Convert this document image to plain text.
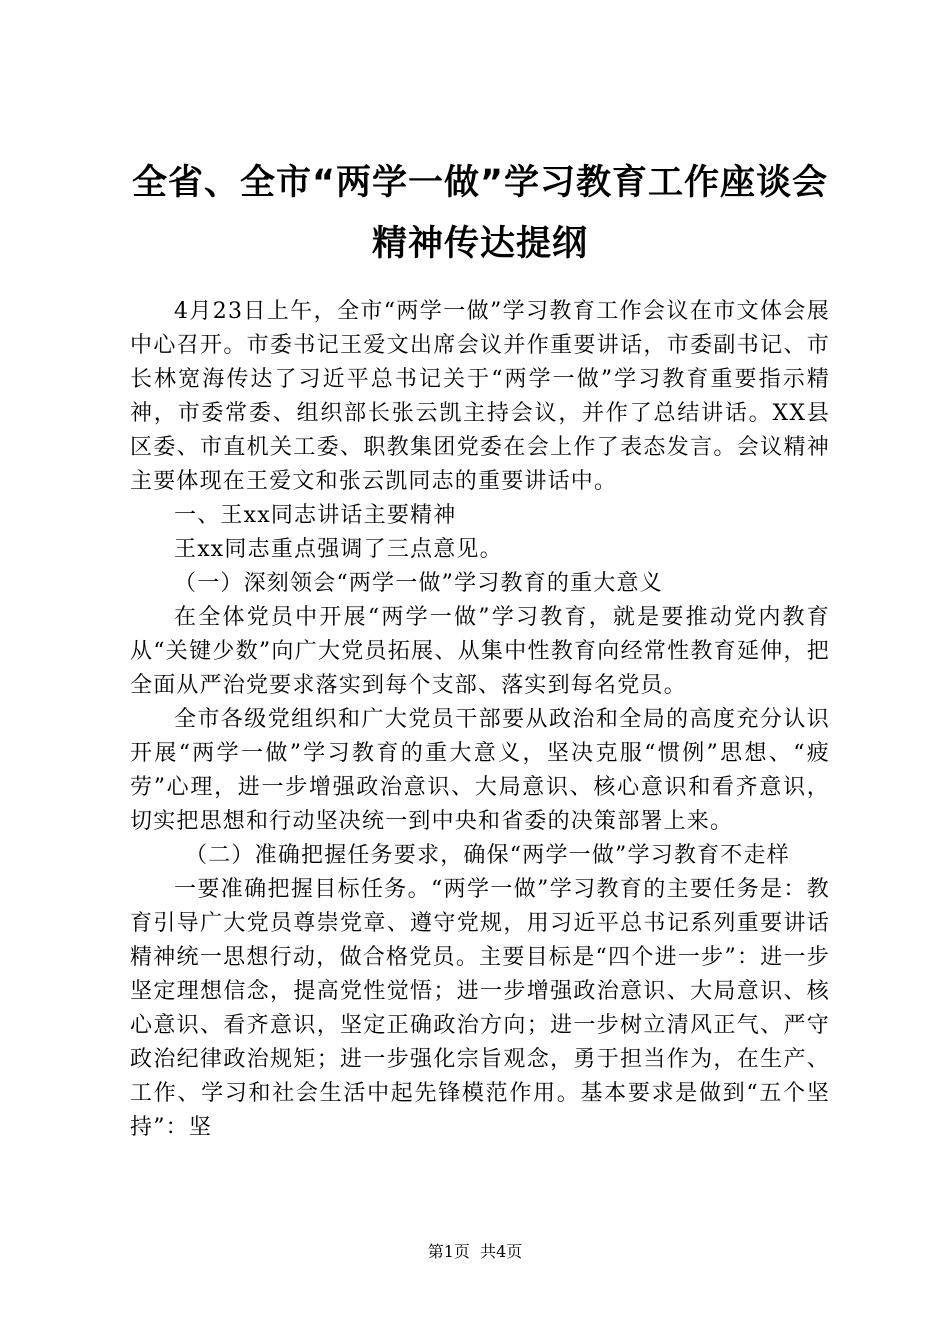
全省、全市“两学一做”学习教育工作座谈会
精神传达提纲

4月23日上午，全市“两学一做”学习教育工作会议在市文体会展中心召开。市委书记王爱文出席会议并作重要讲话，市委副书记、市长林宽海传达了习近平总书记关于“两学一做”学习教育重要指示精神，市委常委、组织部长张云凯主持会议，并作了总结讲话。XX县区委、市直机关工委、职教集团党委在会上作了表态发言。会议精神主要体现在王爱文和张云凯同志的重要讲话中。

一、王xx同志讲话主要精神

王xx同志重点强调了三点意见。

（一）深刻领会“两学一做”学习教育的重大意义

在全体党员中开展“两学一做”学习教育，就是要推动党内教育从“关键少数”向广大党员拓展、从集中性教育向经常性教育延伸，把全面从严治党要求落实到每个支部、落实到每名党员。

全市各级党组织和广大党员干部要从政治和全局的高度充分认识开展“两学一做”学习教育的重大意义，坚决克服“惯例”思想、“疲劳”心理，进一步增强政治意识、大局意识、核心意识和看齐意识，切实把思想和行动坚决统一到中央和省委的决策部署上来。

（二）准确把握任务要求，确保“两学一做”学习教育不走样

一要准确把握目标任务。“两学一做”学习教育的主要任务是：教育引导广大党员尊崇党章、遵守党规，用习近平总书记系列重要讲话精神统一思想行动，做合格党员。主要目标是“四个进一步”：进一步坚定理想信念，提高党性觉悟；进一步增强政治意识、大局意识、核心意识、看齐意识，坚定正确政治方向；进一步树立清风正气、严守政治纪律政治规矩；进一步强化宗旨观念，勇于担当作为，在生产、工作、学习和社会生活中起先锋模范作用。基本要求是做到“五个坚持”：坚

第1页  共4页
